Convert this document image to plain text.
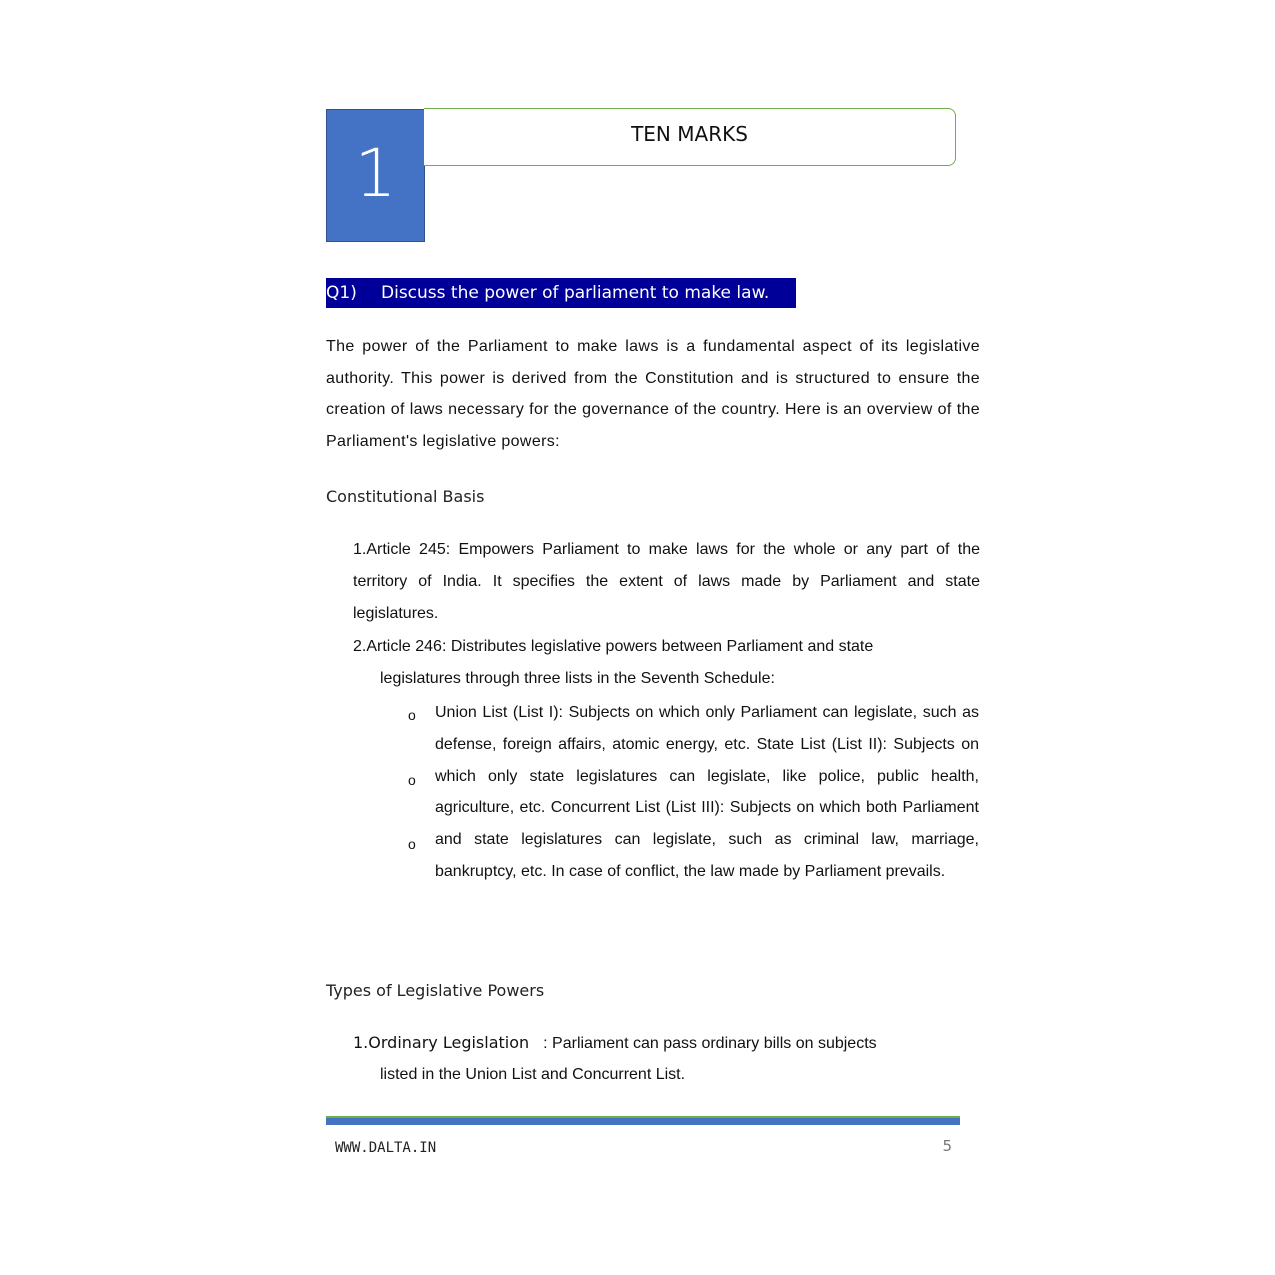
1
TEN MARKS
Q1) Discuss the power of parliament to make law.
The power of the Parliament to make laws is a fundamental aspect of its legislative authority. This power is derived from the Constitution and is structured to ensure the creation of laws necessary for the governance of the country. Here is an overview of the Parliament's legislative powers:
Constitutional Basis
1.Article 245: Empowers Parliament to make laws for the whole or any part of the territory of India. It specifies the extent of laws made by Parliament and state legislatures.
2.Article 246: Distributes legislative powers between Parliament and state
legislatures through three lists in the Seventh Schedule:
o
o
o
Union List (List I): Subjects on which only Parliament can legislate, such as defense, foreign affairs, atomic energy, etc. State List (List II): Subjects on which only state legislatures can legislate, like police, public health, agriculture, etc. Concurrent List (List III): Subjects on which both Parliament and state legislatures can legislate, such as criminal law, marriage, bankruptcy, etc. In case of conflict, the law made by Parliament prevails.
Types of Legislative Powers
1.Ordinary Legislation : Parliament can pass ordinary bills on subjects
listed in the Union List and Concurrent List.
WWW.DALTA.IN	5
